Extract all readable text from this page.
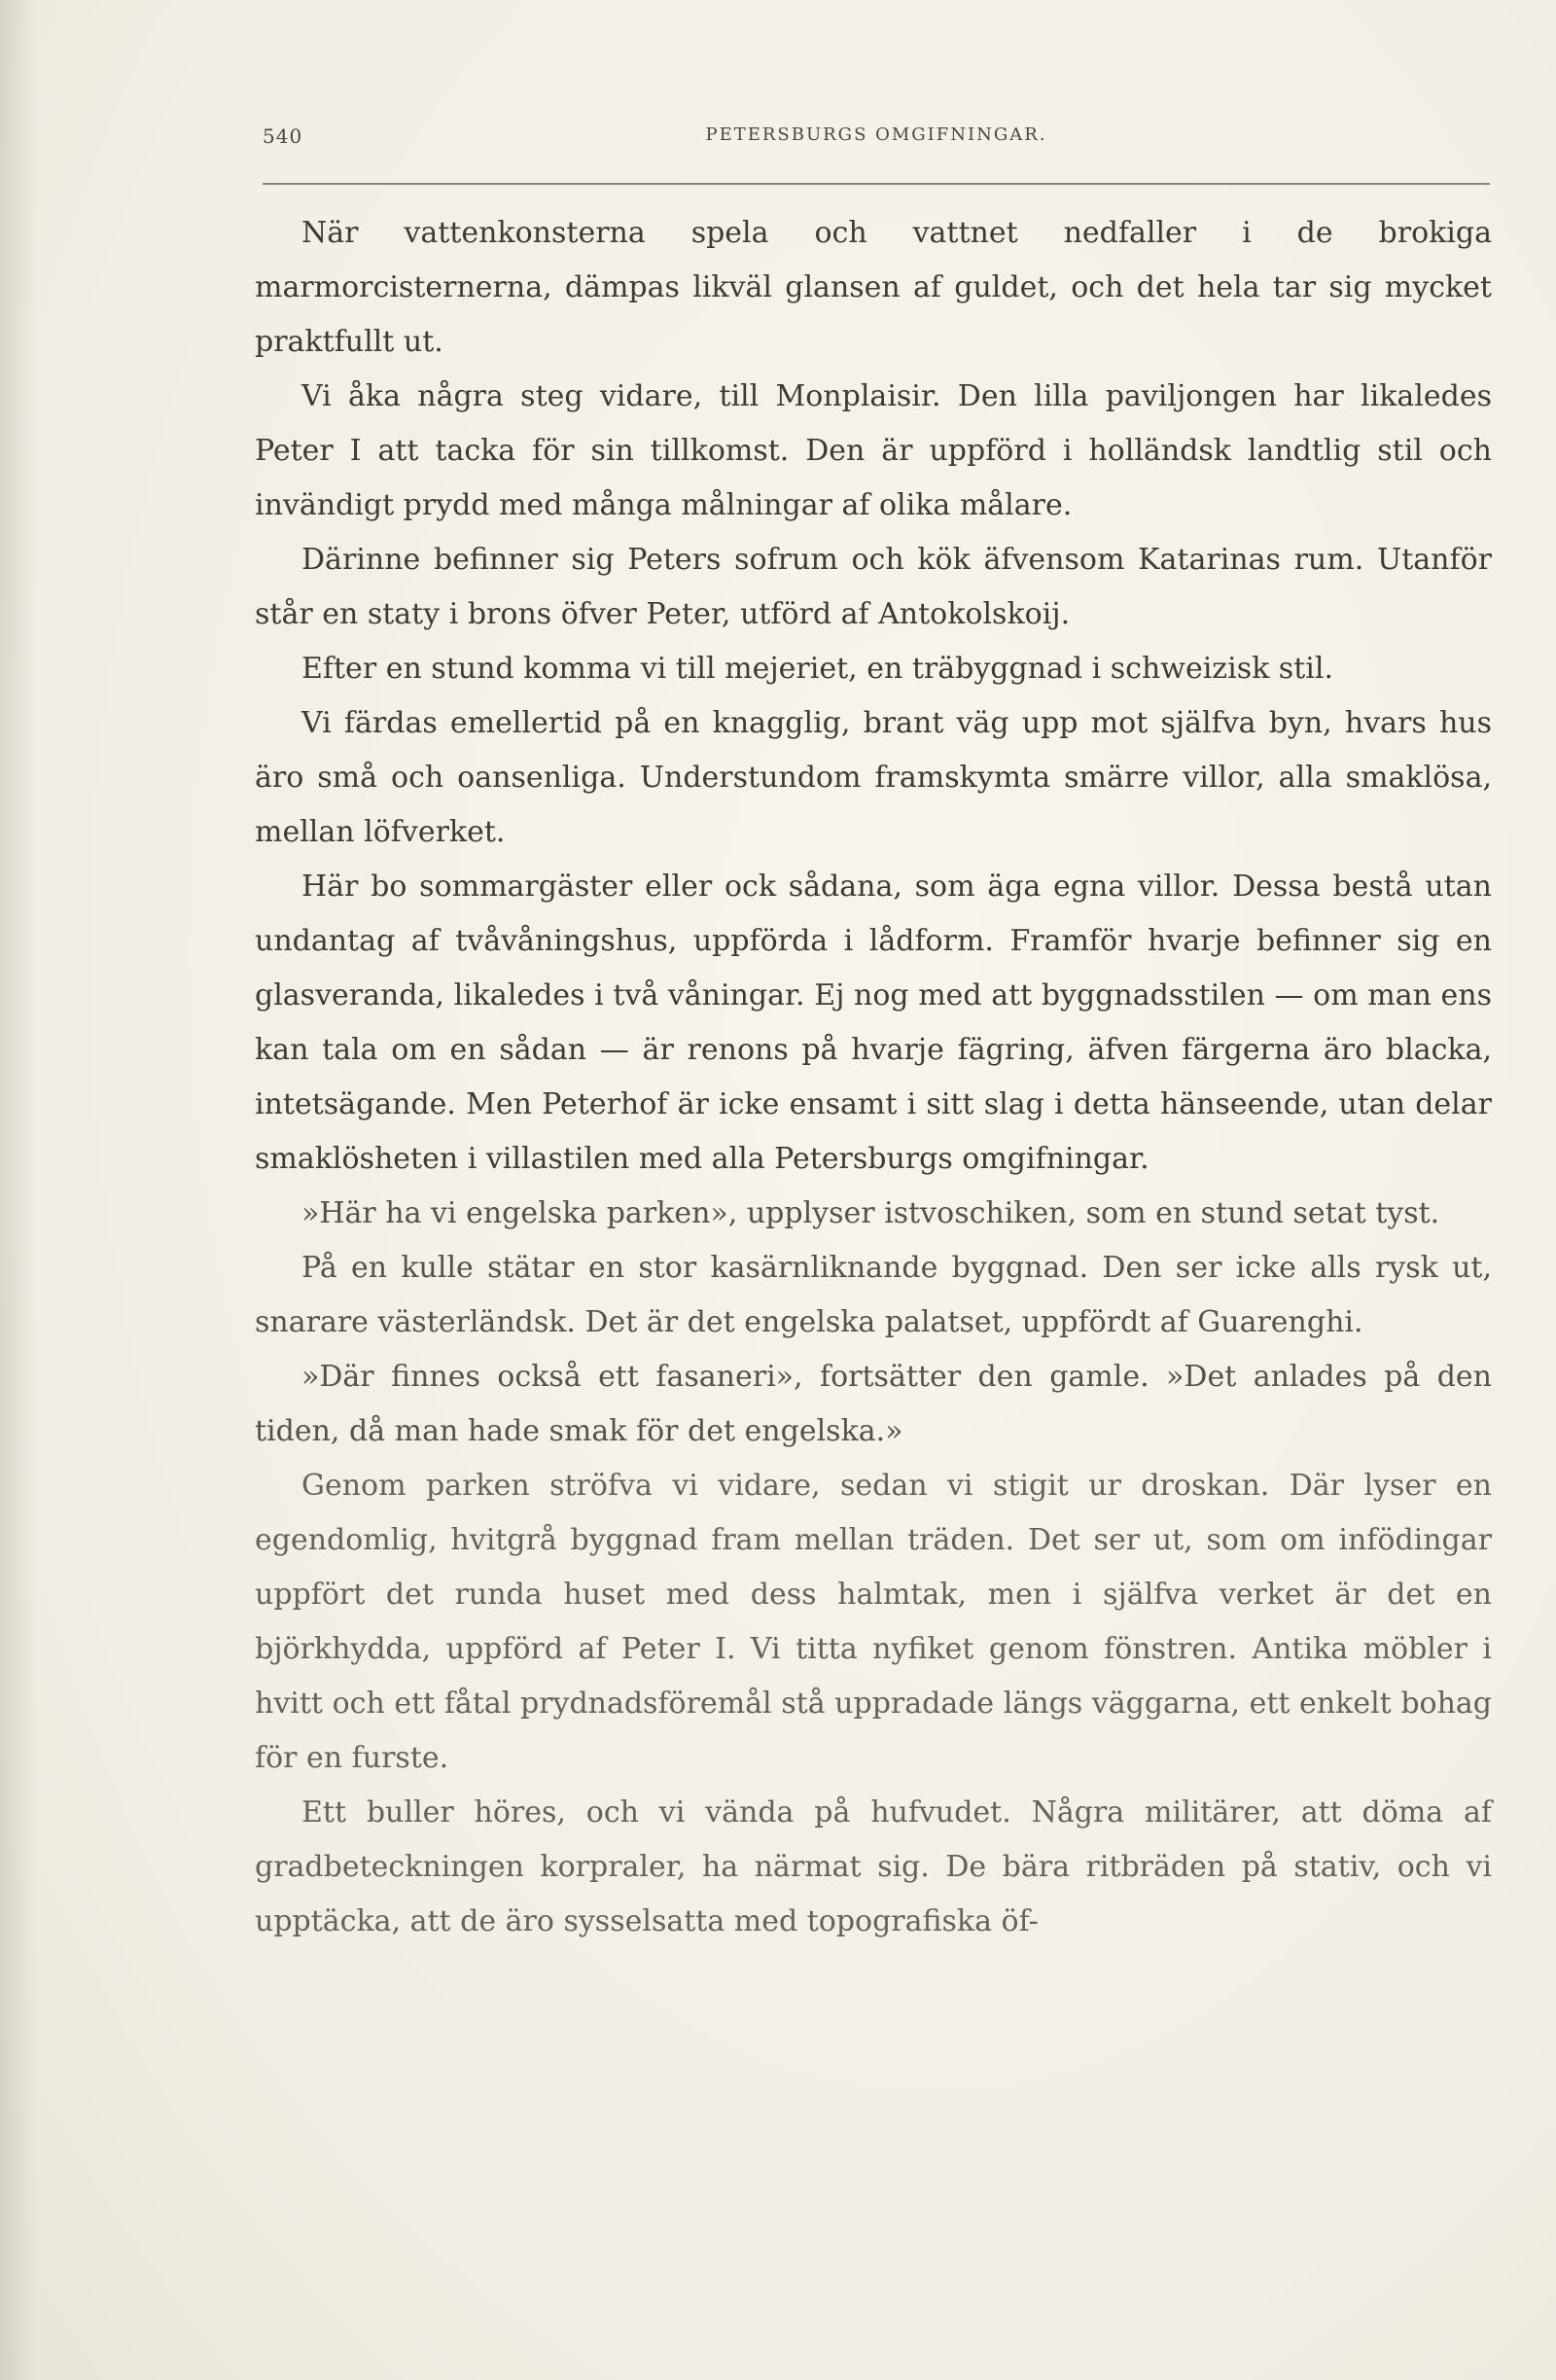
540	PETERSBURGS OMGIFNINGAR.

När vattenkonsterna spela och vattnet nedfaller i de brokiga marmorcisternerna, dämpas likväl glansen af guldet, och det hela tar sig mycket praktfullt ut.

Vi åka några steg vidare, till Monplaisir. Den lilla paviljongen har likaledes Peter I att tacka för sin tillkomst. Den är uppförd i holländsk landtlig stil och invändigt prydd med många målningar af olika målare.

Därinne befinner sig Peters sofrum och kök äfvensom Katarinas rum. Utanför står en staty i brons öfver Peter, utförd af Antokolskoij.

Efter en stund komma vi till mejeriet, en träbyggnad i schweizisk stil.

Vi färdas emellertid på en knagglig, brant väg upp mot själfva byn, hvars hus äro små och oansenliga. Understundom framskymta smärre villor, alla smaklösa, mellan löfverket.

Här bo sommargäster eller ock sådana, som äga egna villor. Dessa bestå utan undantag af tvåvåningshus, uppförda i lådform. Framför hvarje befinner sig en glasveranda, likaledes i två våningar. Ej nog med att byggnadsstilen — om man ens kan tala om en sådan — är renons på hvarje fägring, äfven färgerna äro blacka, intetsägande. Men Peterhof är icke ensamt i sitt slag i detta hänseende, utan delar smaklösheten i villastilen med alla Petersburgs omgifningar.

»Här ha vi engelska parken», upplyser istvoschiken, som en stund setat tyst.

På en kulle stätar en stor kasärnliknande byggnad. Den ser icke alls rysk ut, snarare västerländsk. Det är det engelska palatset, uppfördt af Guarenghi.

»Där finnes också ett fasaneri», fortsätter den gamle. »Det anlades på den tiden, då man hade smak för det engelska.»

Genom parken ströfva vi vidare, sedan vi stigit ur droskan. Där lyser en egendomlig, hvitgrå byggnad fram mellan träden. Det ser ut, som om infödingar uppfört det runda huset med dess halmtak, men i själfva verket är det en björkhydda, uppförd af Peter I. Vi titta nyfiket genom fönstren. Antika möbler i hvitt och ett fåtal prydnadsföremål stå uppradade längs väggarna, ett enkelt bohag för en furste.

Ett buller höres, och vi vända på hufvudet. Några militärer, att döma af gradbeteckningen korpraler, ha närmat sig. De bära ritbräden på stativ, och vi upptäcka, att de äro sysselsatta med topografiska öf-
